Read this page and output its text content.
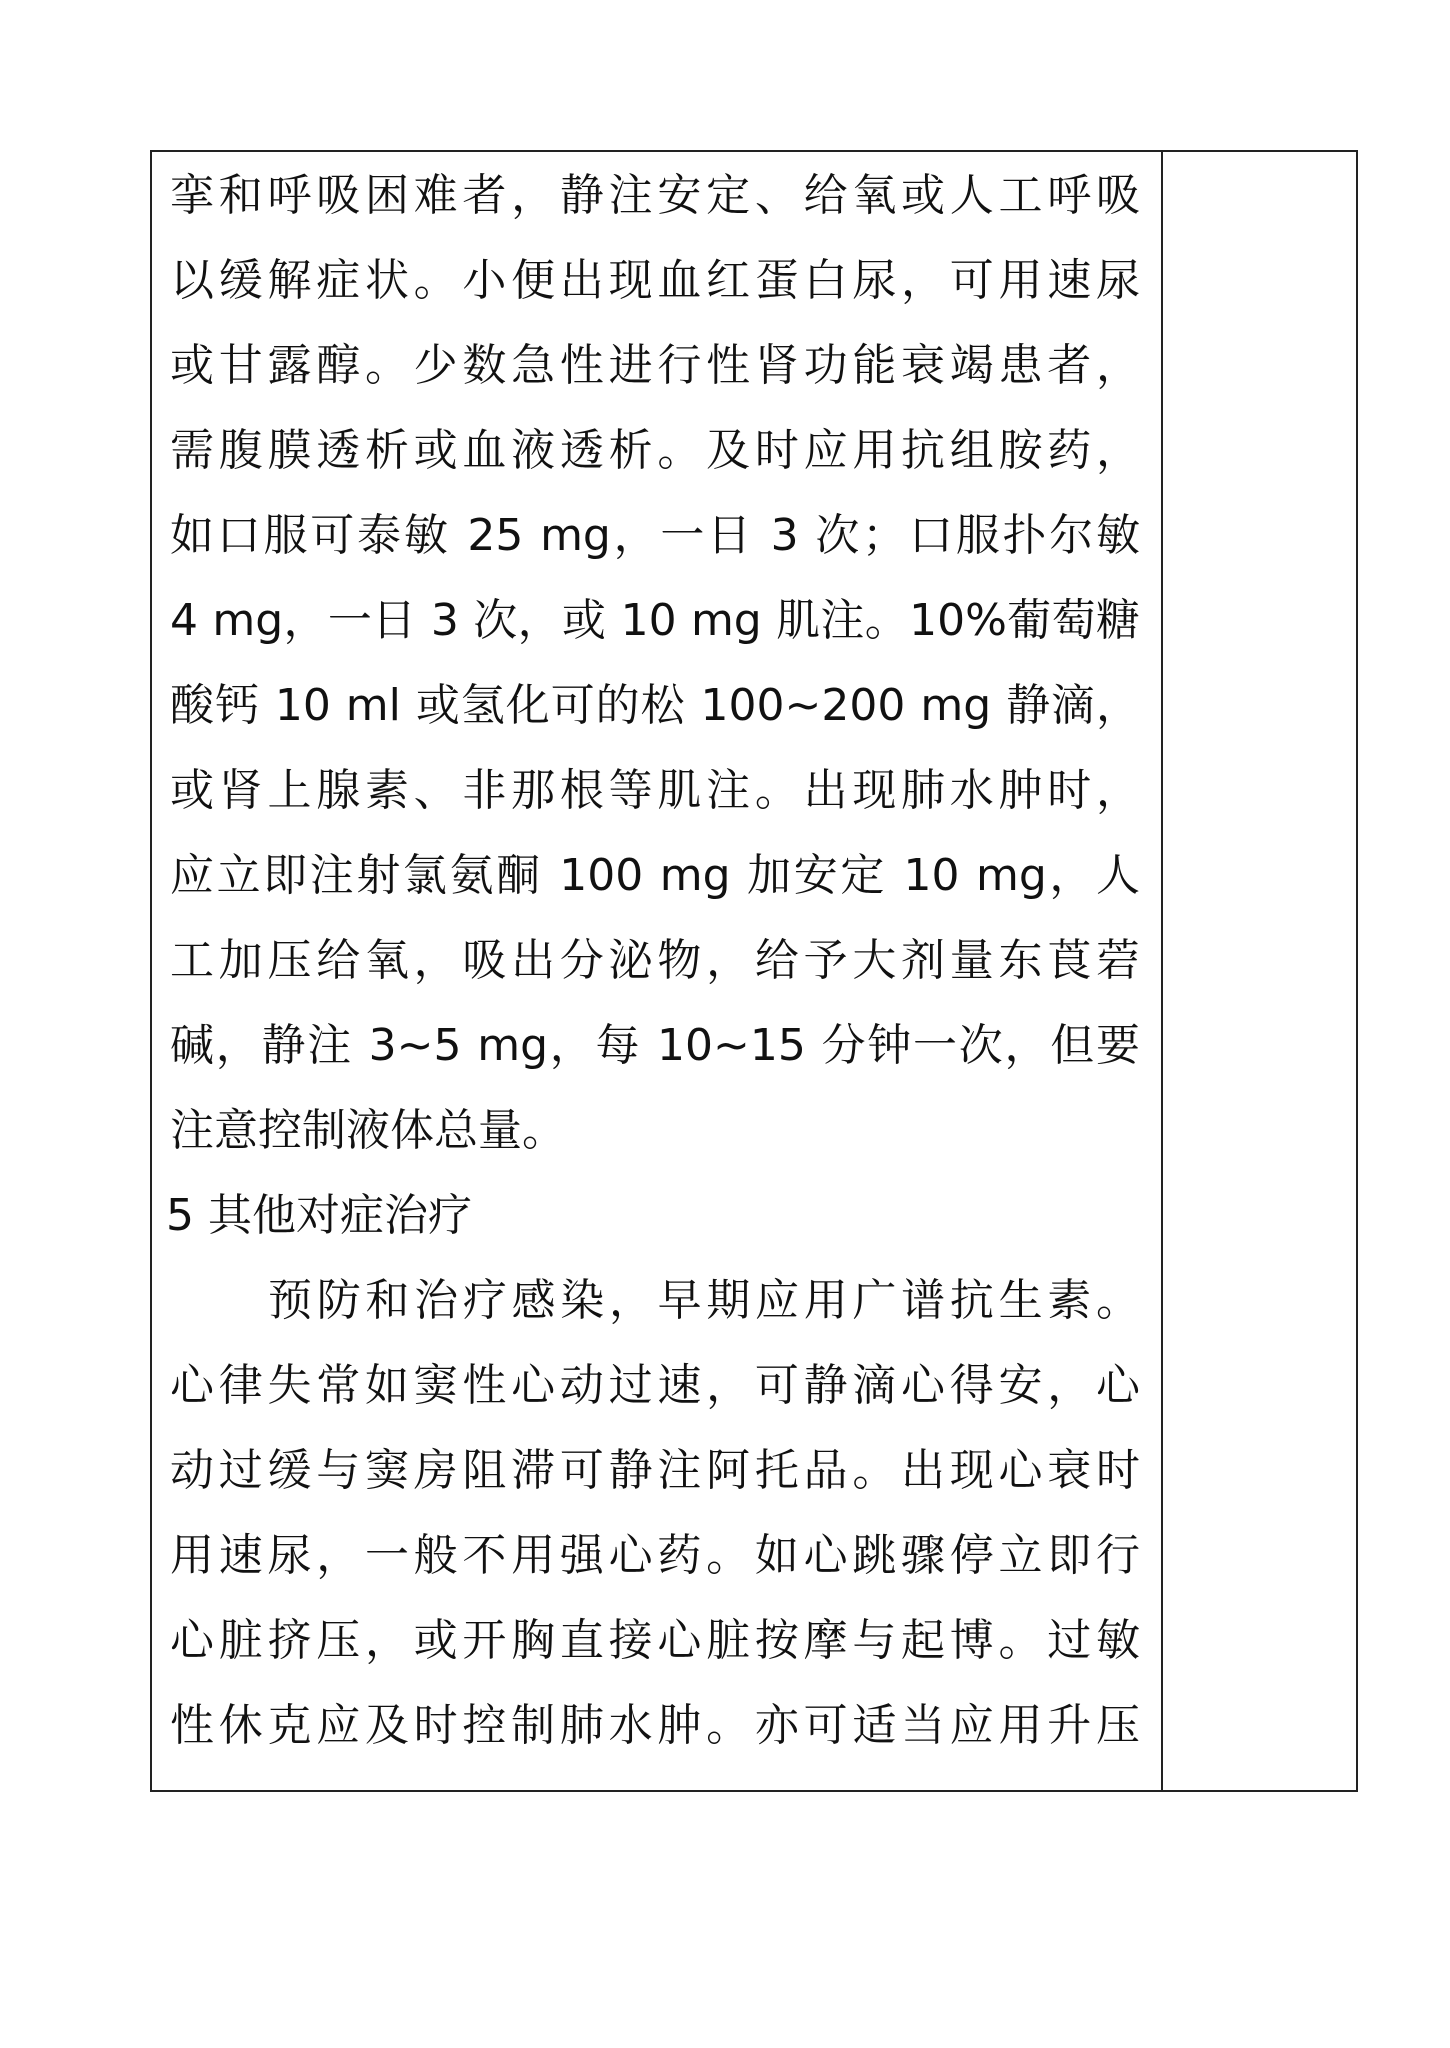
挛和呼吸困难者，静注安定、给氧或人工呼吸
以缓解症状。小便出现血红蛋白尿，可用速尿
或甘露醇。少数急性进行性肾功能衰竭患者，
需腹膜透析或血液透析。及时应用抗组胺药，
如口服可泰敏 25 mg，一日 3 次；口服扑尔敏
4 mg，一日 3 次，或 10 mg 肌注。10%葡萄糖
酸钙 10 ml 或氢化可的松 100~200 mg 静滴，
或肾上腺素、非那根等肌注。出现肺水肿时，
应立即注射氯氨酮 100 mg 加安定 10 mg，人
工加压给氧，吸出分泌物，给予大剂量东莨菪
碱，静注 3~5 mg，每 10~15 分钟一次，但要
注意控制液体总量。
5 其他对症治疗
预防和治疗感染，早期应用广谱抗生素。
心律失常如窦性心动过速，可静滴心得安，心
动过缓与窦房阻滞可静注阿托品。出现心衰时
用速尿，一般不用强心药。如心跳骤停立即行
心脏挤压，或开胸直接心脏按摩与起博。过敏
性休克应及时控制肺水肿。亦可适当应用升压
